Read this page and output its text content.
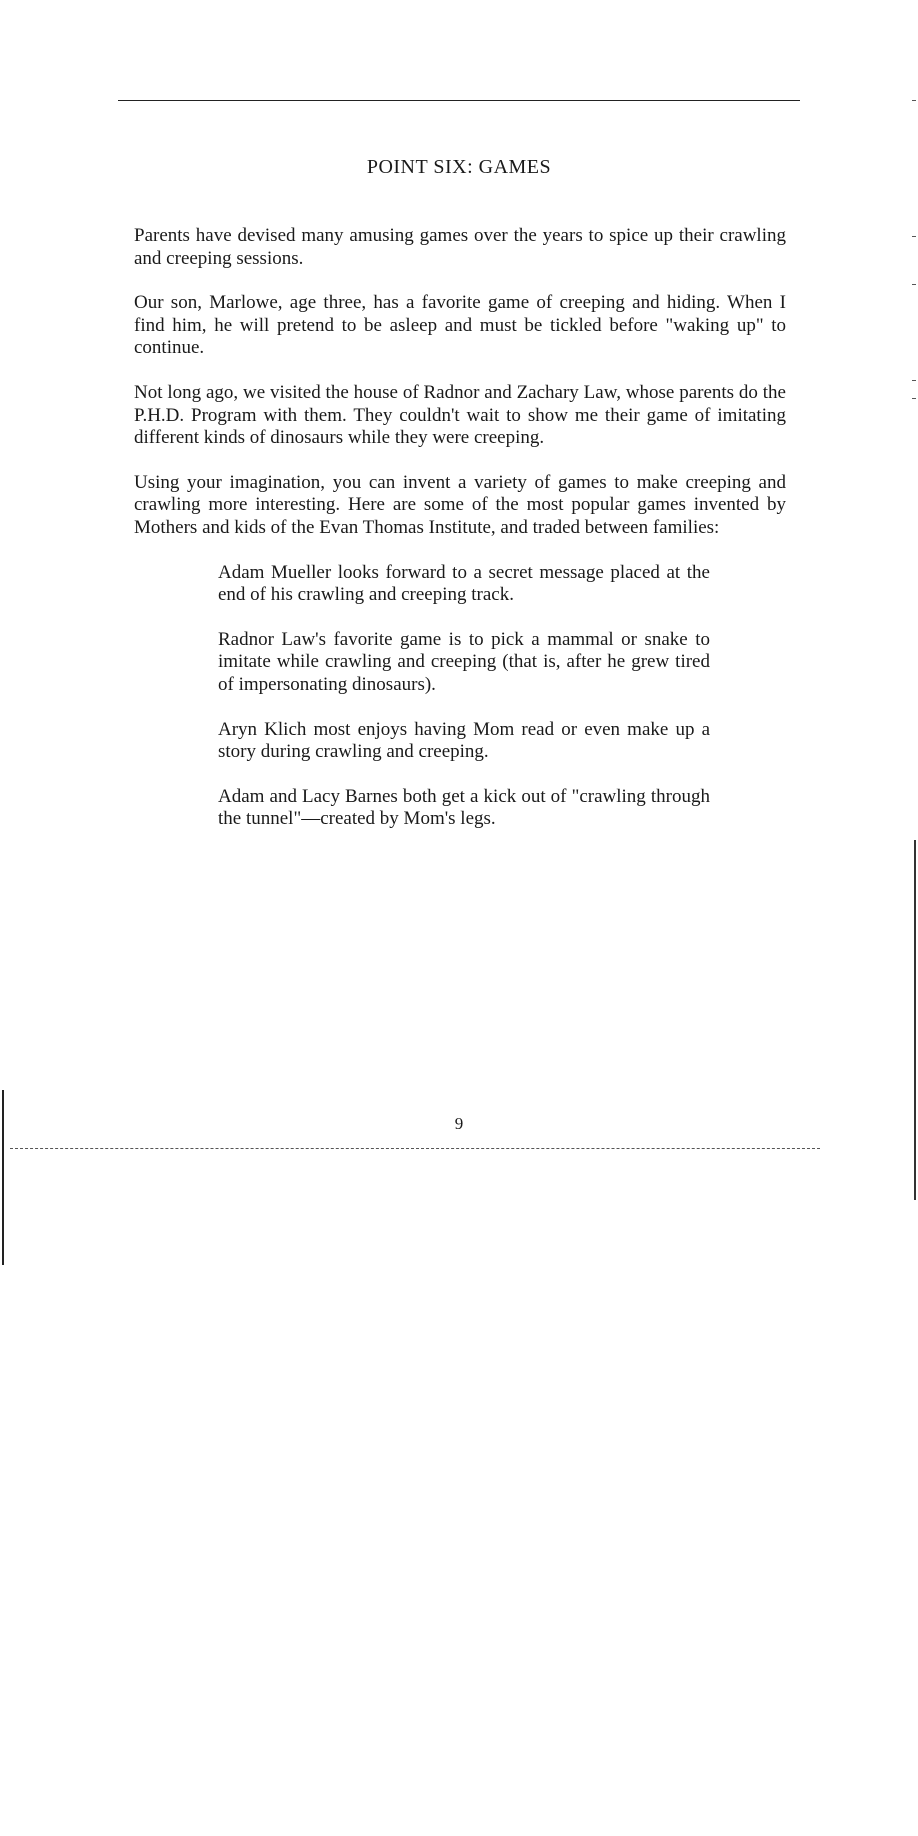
POINT SIX: GAMES

Parents have devised many amusing games over the years to spice up their crawling and creeping sessions.

Our son, Marlowe, age three, has a favorite game of creeping and hiding. When I find him, he will pretend to be asleep and must be tickled before "waking up" to continue.

Not long ago, we visited the house of Radnor and Zachary Law, whose parents do the P.H.D. Program with them. They couldn't wait to show me their game of imitating different kinds of dinosaurs while they were creeping.

Using your imagination, you can invent a variety of games to make creeping and crawling more interesting. Here are some of the most popular games invented by Mothers and kids of the Evan Thomas Institute, and traded between families:

Adam Mueller looks forward to a secret message placed at the end of his crawling and creeping track.

Radnor Law's favorite game is to pick a mammal or snake to imitate while crawling and creeping (that is, after he grew tired of impersonating dinosaurs).

Aryn Klich most enjoys having Mom read or even make up a story during crawling and creeping.

Adam and Lacy Barnes both get a kick out of "crawling through the tunnel"—created by Mom's legs.

9
